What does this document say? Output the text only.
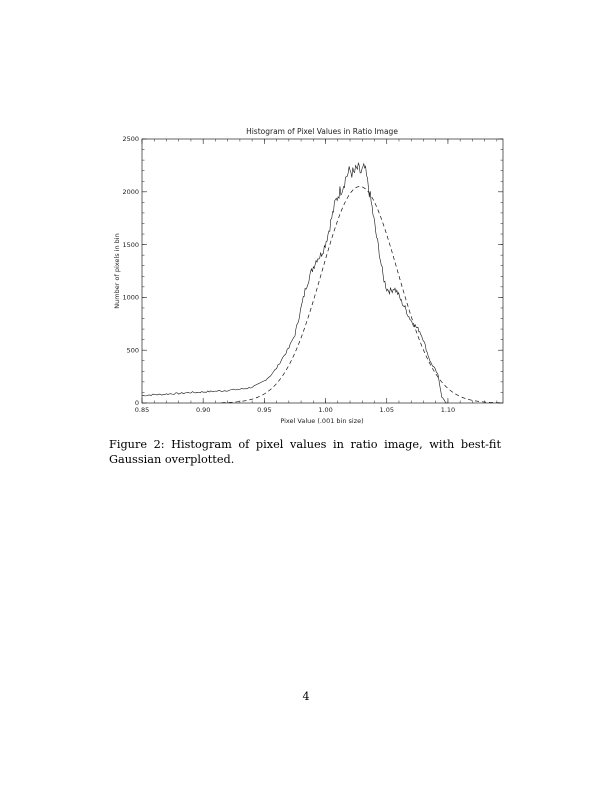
Histogram of Pixel Values in Ratio Image
0.85	0.90	0.95	1.00	1.05	1.10
0
500
1000
1500
2000
2500
Pixel Value (.001 bin size)
Number of pixels in bin
Figure 2: Histogram of pixel values in ratio image, with best-fit Gaussian overplotted.
4
